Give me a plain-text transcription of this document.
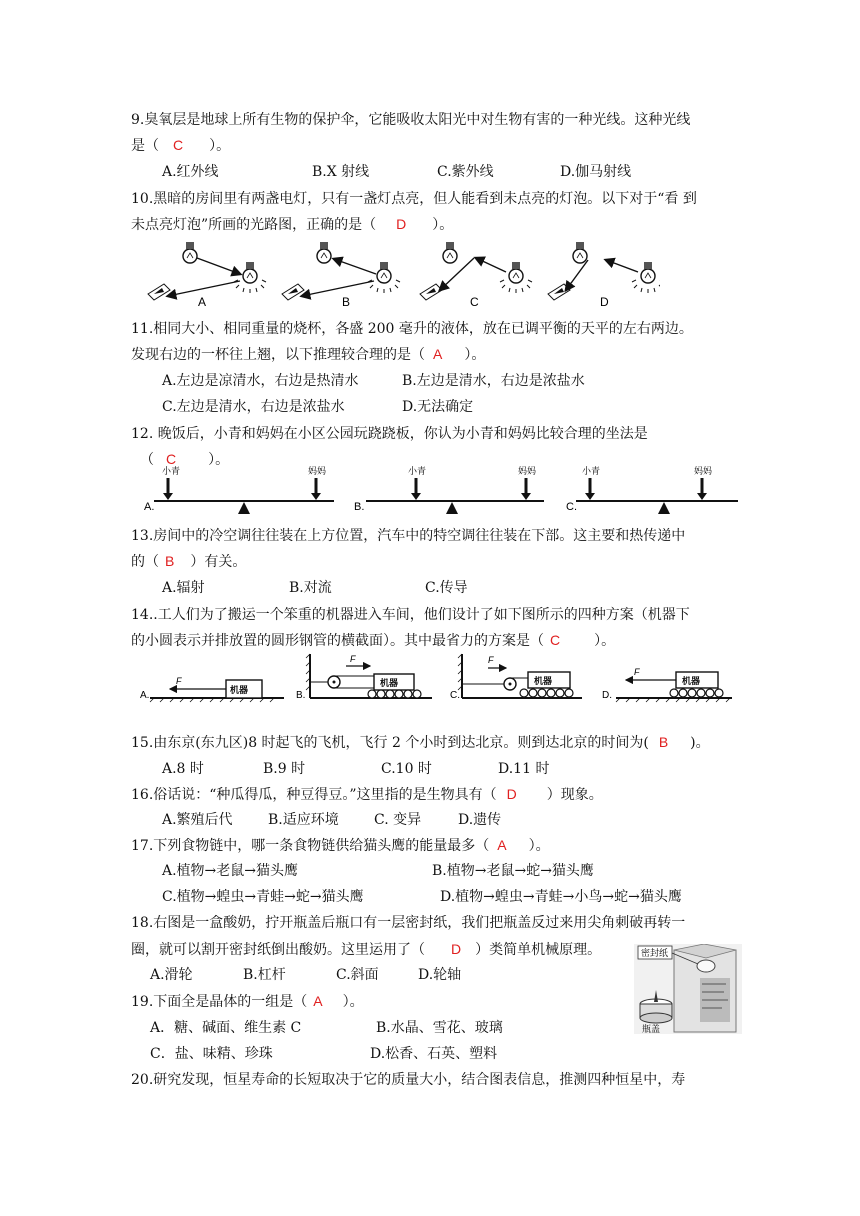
9.臭氧层是地球上所有生物的保护伞，它能吸收太阳光中对生物有害的一种光线。这种光线
是（ C ）。
A.红外线	B.X 射线	C.紫外线	D.伽马射线
10.黑暗的房间里有两盏电灯，只有一盏灯点亮，但人能看到未点亮的灯泡。以下对于“看 到
未点亮灯泡”所画的光路图，正确的是（ D ）。
A	B	C	D
11.相同大小、相同重量的烧杯，各盛 200 毫升的液体，放在已调平衡的天平的左右两边。
发现右边的一杯往上翘，以下推理较合理的是（ A ）。
A.左边是凉清水，右边是热清水	B.左边是清水，右边是浓盐水
C.左边是清水，右边是浓盐水	D.无法确定
12. 晚饭后，小青和妈妈在小区公园玩跷跷板，你认为小青和妈妈比较合理的坐法是
（ C ）。
A.
小青	妈妈
B.
小青	妈妈
C.
小青	妈妈
13.房间中的冷空调往往装在上方位置，汽车中的特空调往往装在下部。这主要和热传递中
的（ B ）有关。
A.辐射	B.对流	C.传导
14..工人们为了搬运一个笨重的机器进入车间，他们设计了如下图所示的四种方案（机器下
的小圆表示并排放置的圆形钢管的横截面）。其中最省力的方案是（ C ）。
A.	机器
F
B.
机器
F
C.
机器
F
D.
机器
F
15.由东京(东九区)8 时起飞的飞机，飞行 2 个小时到达北京。则到达北京的时间为( B )。
A.8 时	B.9 时	C.10 时	D.11 时
16.俗话说：“种瓜得瓜，种豆得豆。”这里指的是生物具有（ D ）现象。
A.繁殖后代	B.适应环境	C. 变异	D.遗传
17.下列食物链中，哪一条食物链供给猫头鹰的能量最多（ A ）。
A.植物→老鼠→猫头鹰	B.植物→老鼠→蛇→猫头鹰
C.植物→蝗虫→青蛙→蛇→猫头鹰	D.植物→蝗虫→青蛙→小鸟→蛇→猫头鹰
18.右图是一盒酸奶，拧开瓶盖后瓶口有一层密封纸，我们把瓶盖反过来用尖角刺破再转一
圈，就可以割开密封纸倒出酸奶。这里运用了（ D ）类简单机械原理。
A.滑轮	B.杠杆	C.斜面	D.轮轴
密封纸
瓶盖
19.下面全是晶体的一组是（ A ）。
A．糖、碱面、维生素 C	B.水晶、雪花、玻璃
C．盐、味精、珍珠	D.松香、石英、塑料
20.研究发现，恒星寿命的长短取决于它的质量大小，结合图表信息，推测四种恒星中，寿
